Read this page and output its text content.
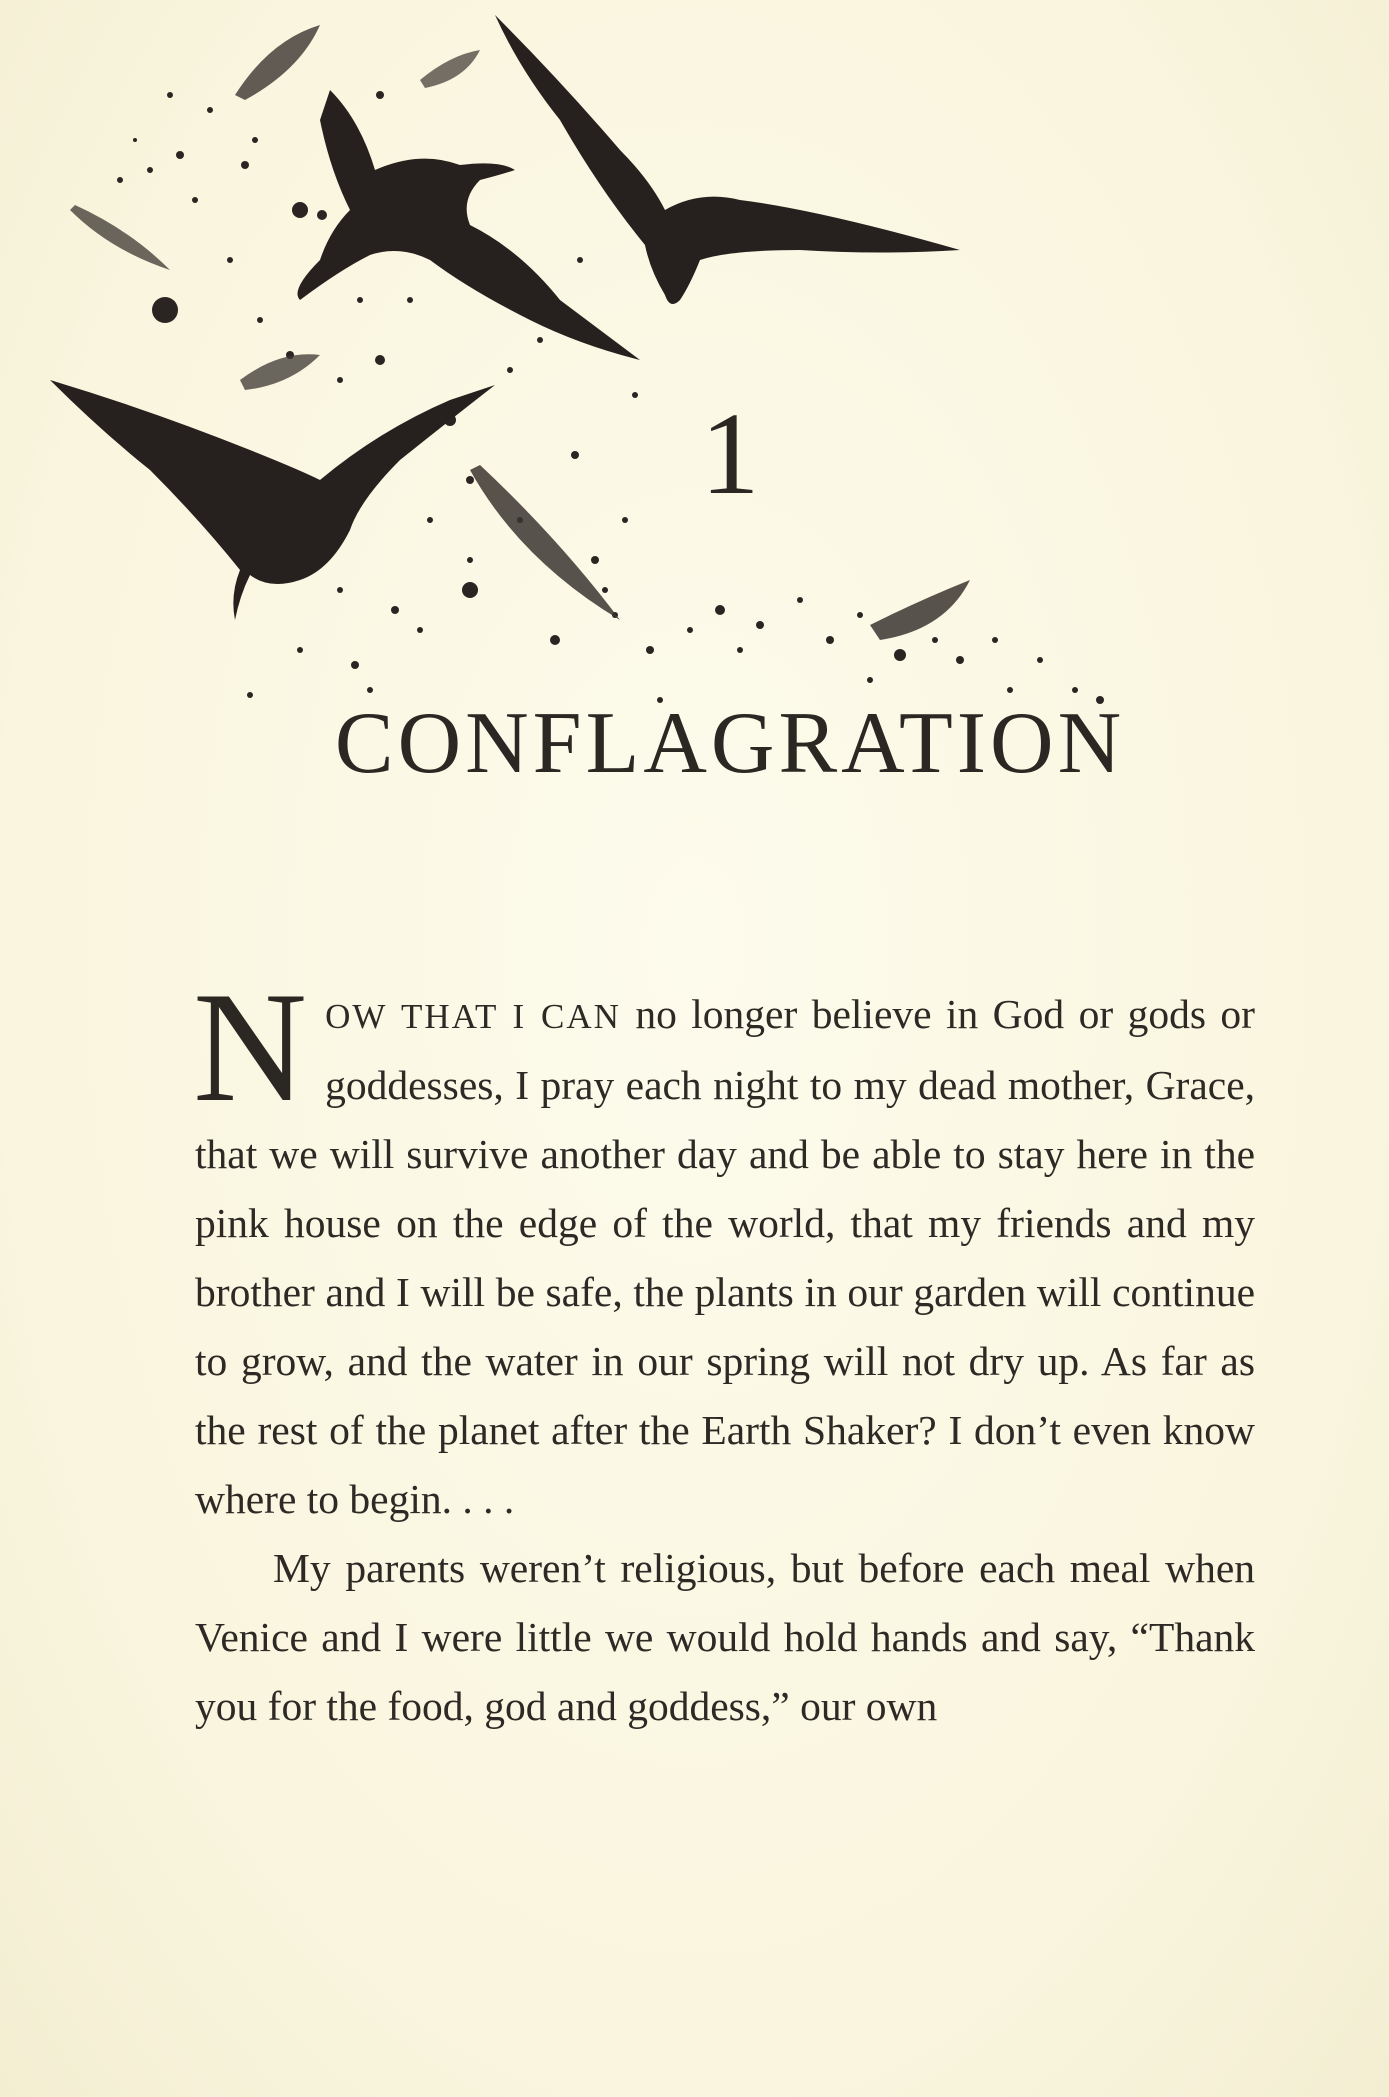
1
CONFLAGRATION

NOW THAT I CAN no longer believe in God or gods or goddesses, I pray each night to my dead mother, Grace, that we will survive another day and be able to stay here in the pink house on the edge of the world, that my friends and my brother and I will be safe, the plants in our garden will continue to grow, and the water in our spring will not dry up. As far as the rest of the planet after the Earth Shaker? I don’t even know where to begin. . . .

My parents weren’t religious, but before each meal when Venice and I were little we would hold hands and say, “Thank you for the food, god and goddess,” our own
